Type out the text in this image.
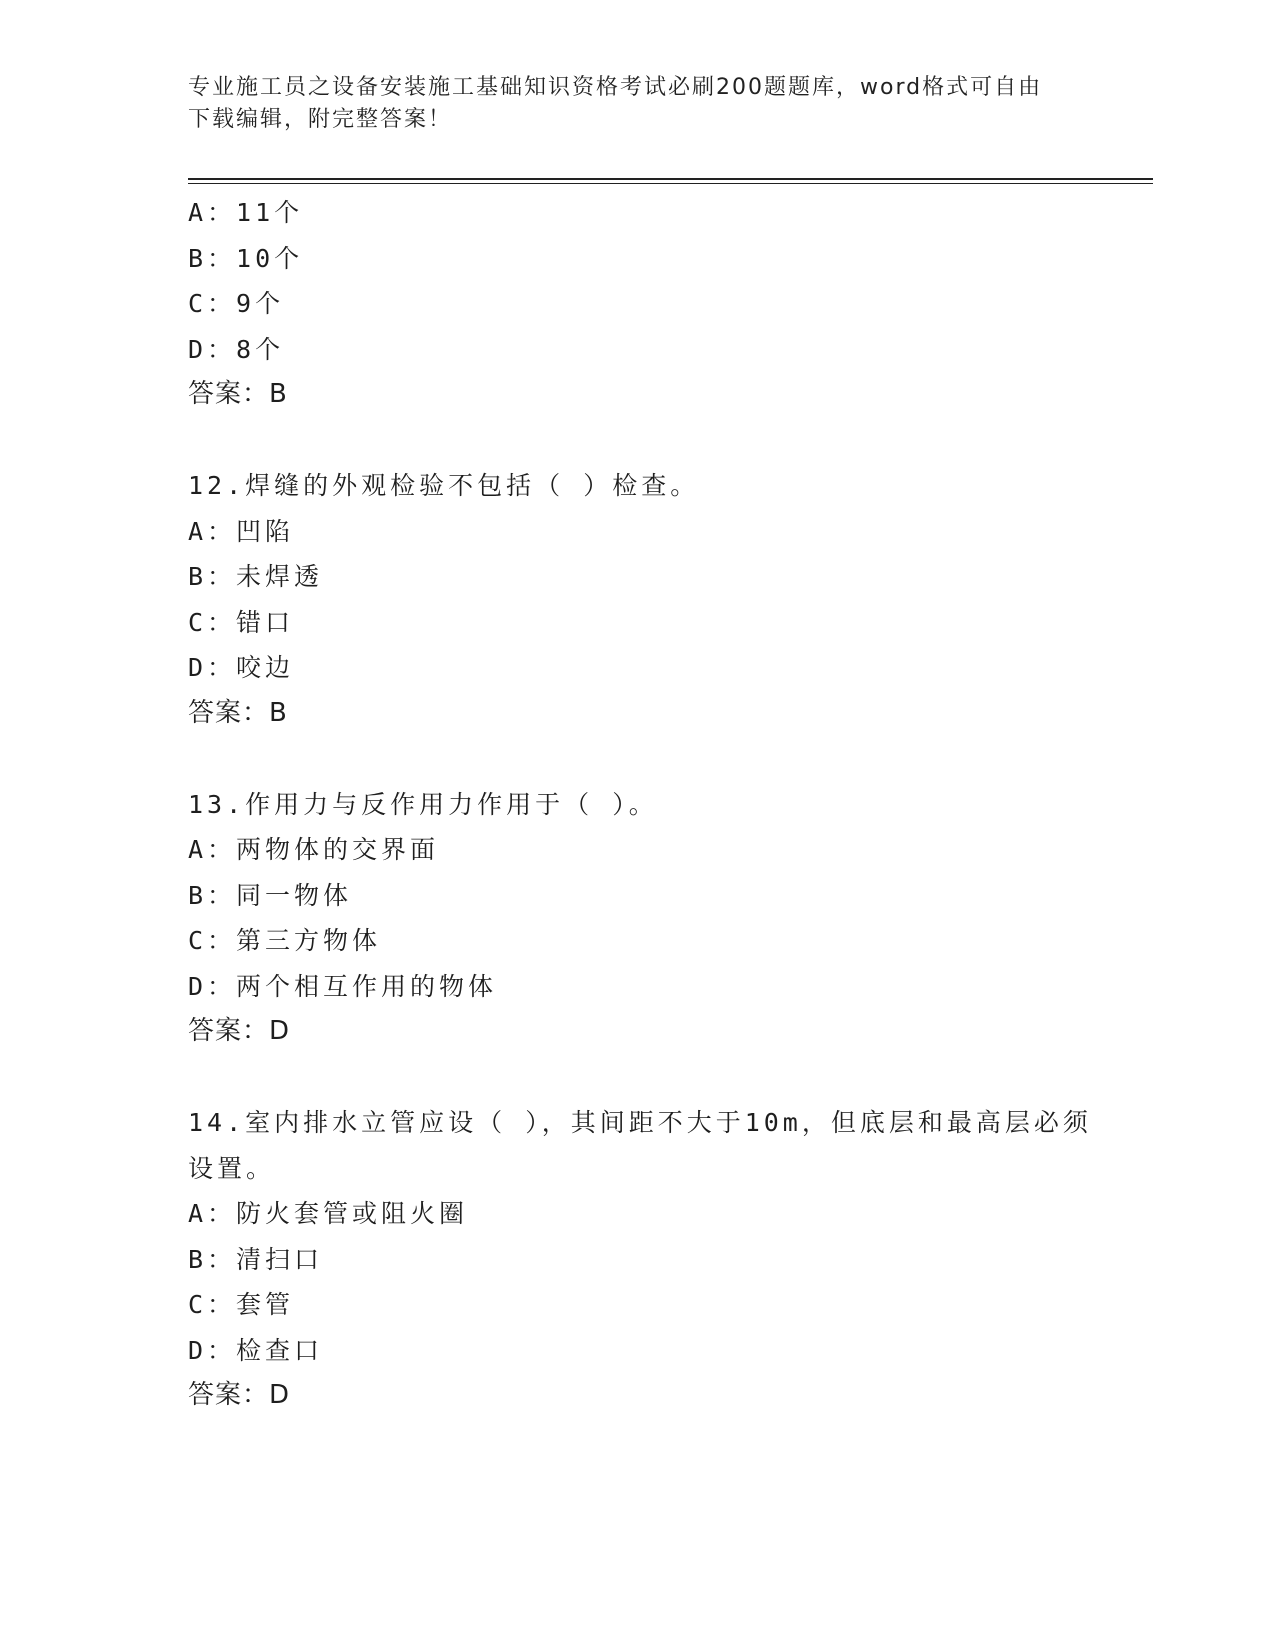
专业施工员之设备安装施工基础知识资格考试必刷200题题库，word格式可自由
下载编辑，附完整答案！
A：11个
B：10个
C：9个
D：8个
答案：B
12.焊缝的外观检验不包括（ ）检查。
A：凹陷
B：未焊透
C：错口
D：咬边
答案：B
13.作用力与反作用力作用于（ ）。
A：两物体的交界面
B：同一物体
C：第三方物体
D：两个相互作用的物体
答案：D
14.室内排水立管应设（ ），其间距不大于10m，但底层和最高层必须
设置。
A：防火套管或阻火圈
B：清扫口
C：套管
D：检查口
答案：D
